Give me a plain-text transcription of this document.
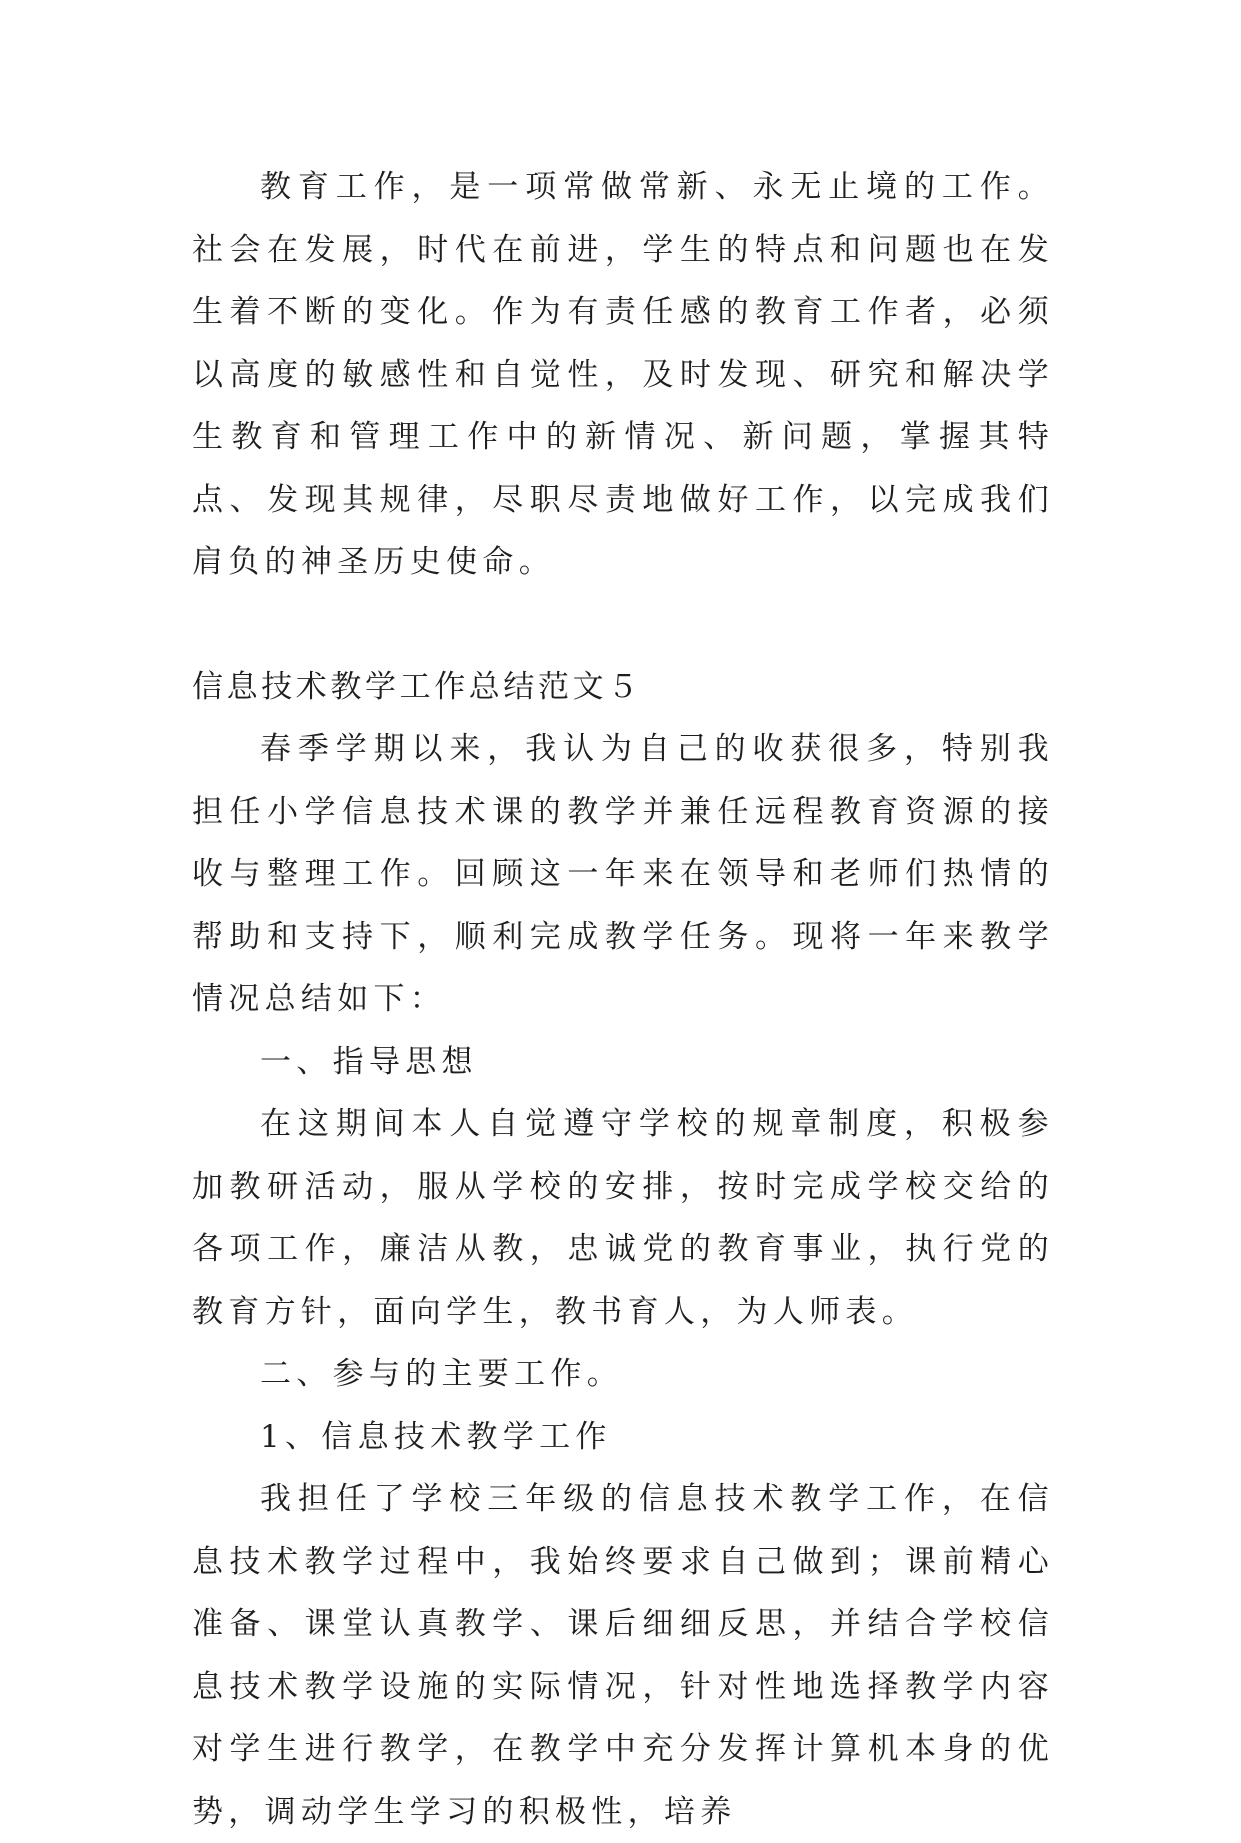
教育工作，是一项常做常新、永无止境的工作。社会在发展，时代在前进，学生的特点和问题也在发生着不断的变化。作为有责任感的教育工作者，必须以高度的敏感性和自觉性，及时发现、研究和解决学生教育和管理工作中的新情况、新问题，掌握其特点、发现其规律，尽职尽责地做好工作，以完成我们肩负的神圣历史使命。

信息技术教学工作总结范文５

春季学期以来，我认为自己的收获很多，特别我担任小学信息技术课的教学并兼任远程教育资源的接收与整理工作。回顾这一年来在领导和老师们热情的帮助和支持下，顺利完成教学任务。现将一年来教学情况总结如下：

一、指导思想

在这期间本人自觉遵守学校的规章制度，积极参加教研活动，服从学校的安排，按时完成学校交给的各项工作，廉洁从教，忠诚党的教育事业，执行党的教育方针，面向学生，教书育人，为人师表。

二、参与的主要工作。

1、信息技术教学工作

我担任了学校三年级的信息技术教学工作，在信息技术教学过程中，我始终要求自己做到；课前精心准备、课堂认真教学、课后细细反思，并结合学校信息技术教学设施的实际情况，针对性地选择教学内容对学生进行教学，在教学中充分发挥计算机本身的优势，调动学生学习的积极性，培养
